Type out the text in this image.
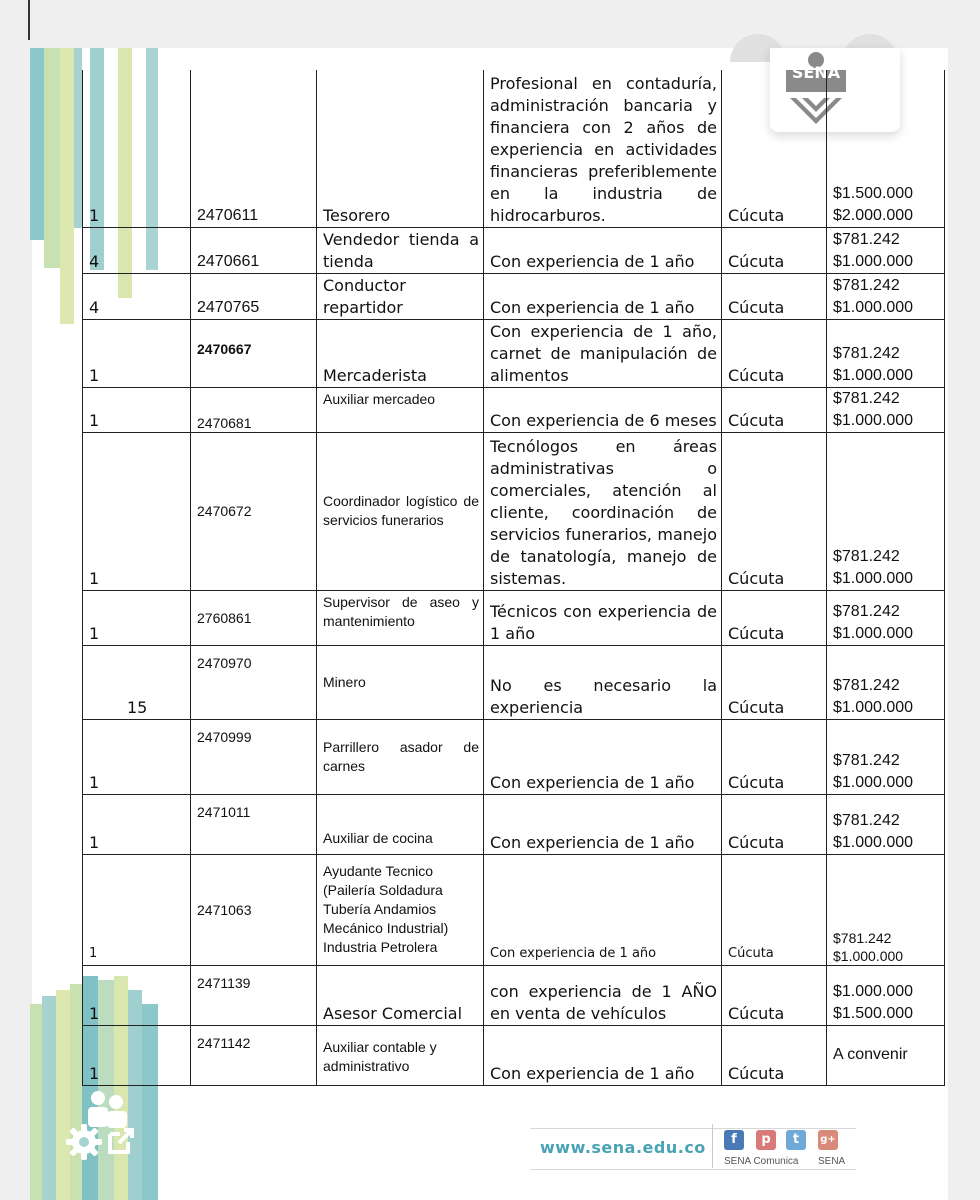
SENA
1	2470611	Tesorero	Profesional en contaduría, administración bancaria y financiera con 2 años de experiencia en actividades financieras preferiblemente en la industria de hidrocarburos.	Cúcuta	$1.500.000
$2.000.000
4	2470661	Vendedor tienda a tienda	Con experiencia de 1 año	Cúcuta	$781.242
$1.000.000
4	2470765	Conductor repartidor	Con experiencia de 1 año	Cúcuta	$781.242
$1.000.000
1	2470667	Mercaderista	Con experiencia de 1 año, carnet de manipulación de alimentos	Cúcuta	$781.242
$1.000.000
1	2470681	Auxiliar mercadeo	Con experiencia de 6 meses	Cúcuta	$781.242
$1.000.000
1	2470672	Coordinador logístico de servicios funerarios	Tecnólogos en áreas administrativas o comerciales, atención al cliente, coordinación de servicios funerarios, manejo de tanatología, manejo de sistemas.	Cúcuta	$781.242
$1.000.000
1	2760861	Supervisor de aseo y mantenimiento	Técnicos con experiencia de 1 año	Cúcuta	$781.242
$1.000.000
15	2470970	Minero	No es necesario la experiencia	Cúcuta	$781.242
$1.000.000
1	2470999	Parrillero asador de carnes	Con experiencia de 1 año	Cúcuta	$781.242
$1.000.000
1	2471011	Auxiliar de cocina	Con experiencia de 1 año	Cúcuta	$781.242
$1.000.000
1	2471063	Ayudante Tecnico (Pailería Soldadura Tubería Andamios Mecánico Industrial) Industria Petrolera	Con experiencia de 1 año	Cúcuta	$781.242
$1.000.000
1	2471139	Asesor Comercial	con experiencia de 1 AÑO en venta de vehículos	Cúcuta	$1.000.000
$1.500.000
1	2471142	Auxiliar contable y administrativo	Con experiencia de 1 año	Cúcuta	A convenir
www.sena.edu.co	f	p	t	g+
SENA Comunica SENA
